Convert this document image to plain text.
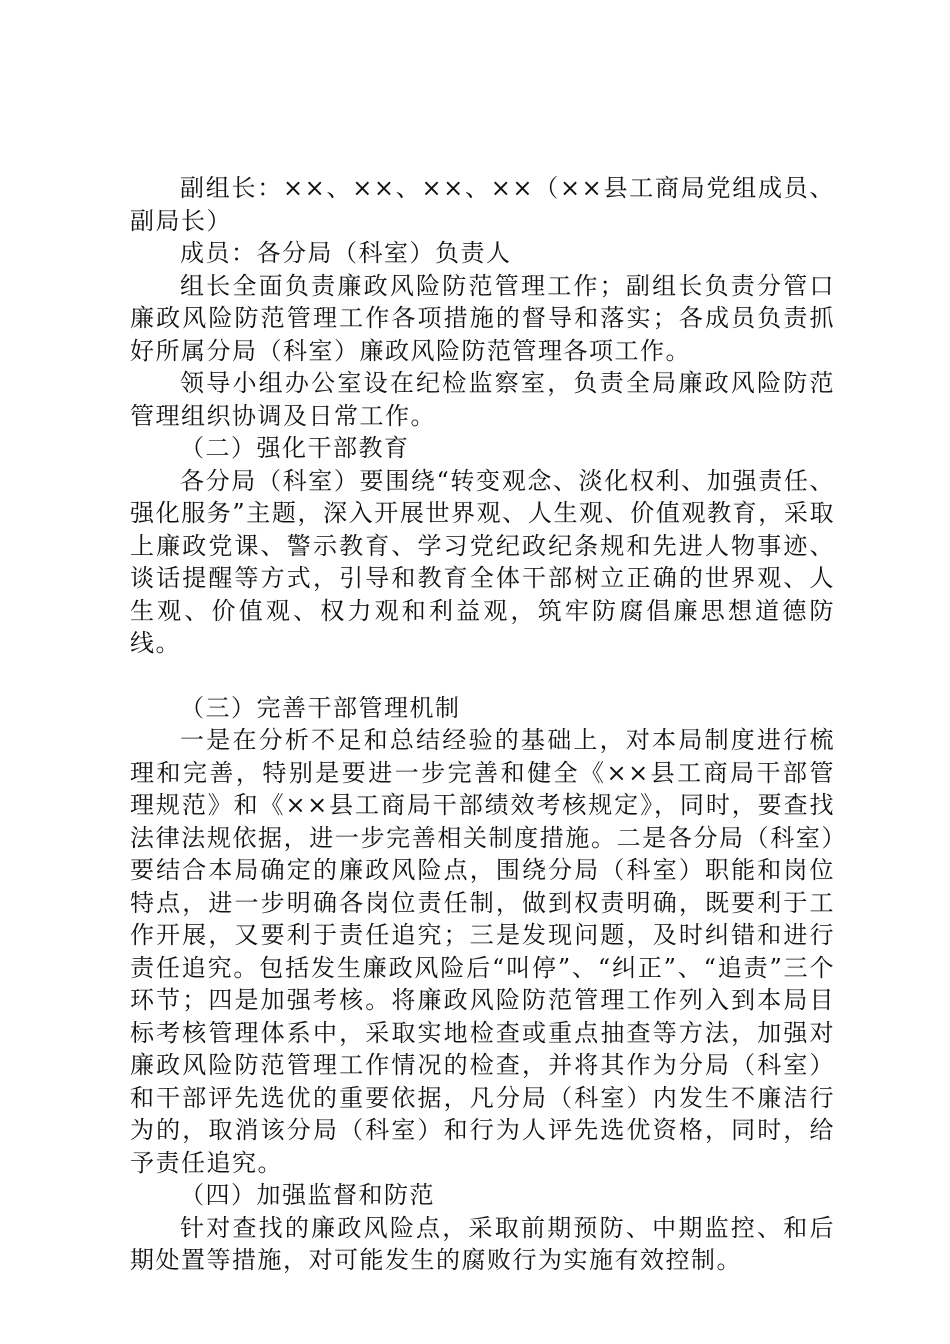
副组长：××、××、××、××（××县工商局党组成员、副局长）

成员：各分局（科室）负责人

组长全面负责廉政风险防范管理工作；副组长负责分管口廉政风险防范管理工作各项措施的督导和落实；各成员负责抓好所属分局（科室）廉政风险防范管理各项工作。

领导小组办公室设在纪检监察室，负责全局廉政风险防范管理组织协调及日常工作。

（二）强化干部教育

各分局（科室）要围绕“转变观念、淡化权利、加强责任、强化服务”主题，深入开展世界观、人生观、价值观教育，采取上廉政党课、警示教育、学习党纪政纪条规和先进人物事迹、谈话提醒等方式，引导和教育全体干部树立正确的世界观、人生观、价值观、权力观和利益观，筑牢防腐倡廉思想道德防线。

（三）完善干部管理机制

一是在分析不足和总结经验的基础上，对本局制度进行梳理和完善，特别是要进一步完善和健全《××县工商局干部管理规范》和《××县工商局干部绩效考核规定》，同时，要查找法律法规依据，进一步完善相关制度措施。二是各分局（科室）要结合本局确定的廉政风险点，围绕分局（科室）职能和岗位特点，进一步明确各岗位责任制，做到权责明确，既要利于工作开展，又要利于责任追究；三是发现问题，及时纠错和进行责任追究。包括发生廉政风险后“叫停”、“纠正”、“追责”三个环节；四是加强考核。将廉政风险防范管理工作列入到本局目标考核管理体系中，采取实地检查或重点抽查等方法，加强对廉政风险防范管理工作情况的检查，并将其作为分局（科室）和干部评先选优的重要依据，凡分局（科室）内发生不廉洁行为的，取消该分局（科室）和行为人评先选优资格，同时，给予责任追究。

（四）加强监督和防范

针对查找的廉政风险点，采取前期预防、中期监控、和后期处置等措施，对可能发生的腐败行为实施有效控制。
